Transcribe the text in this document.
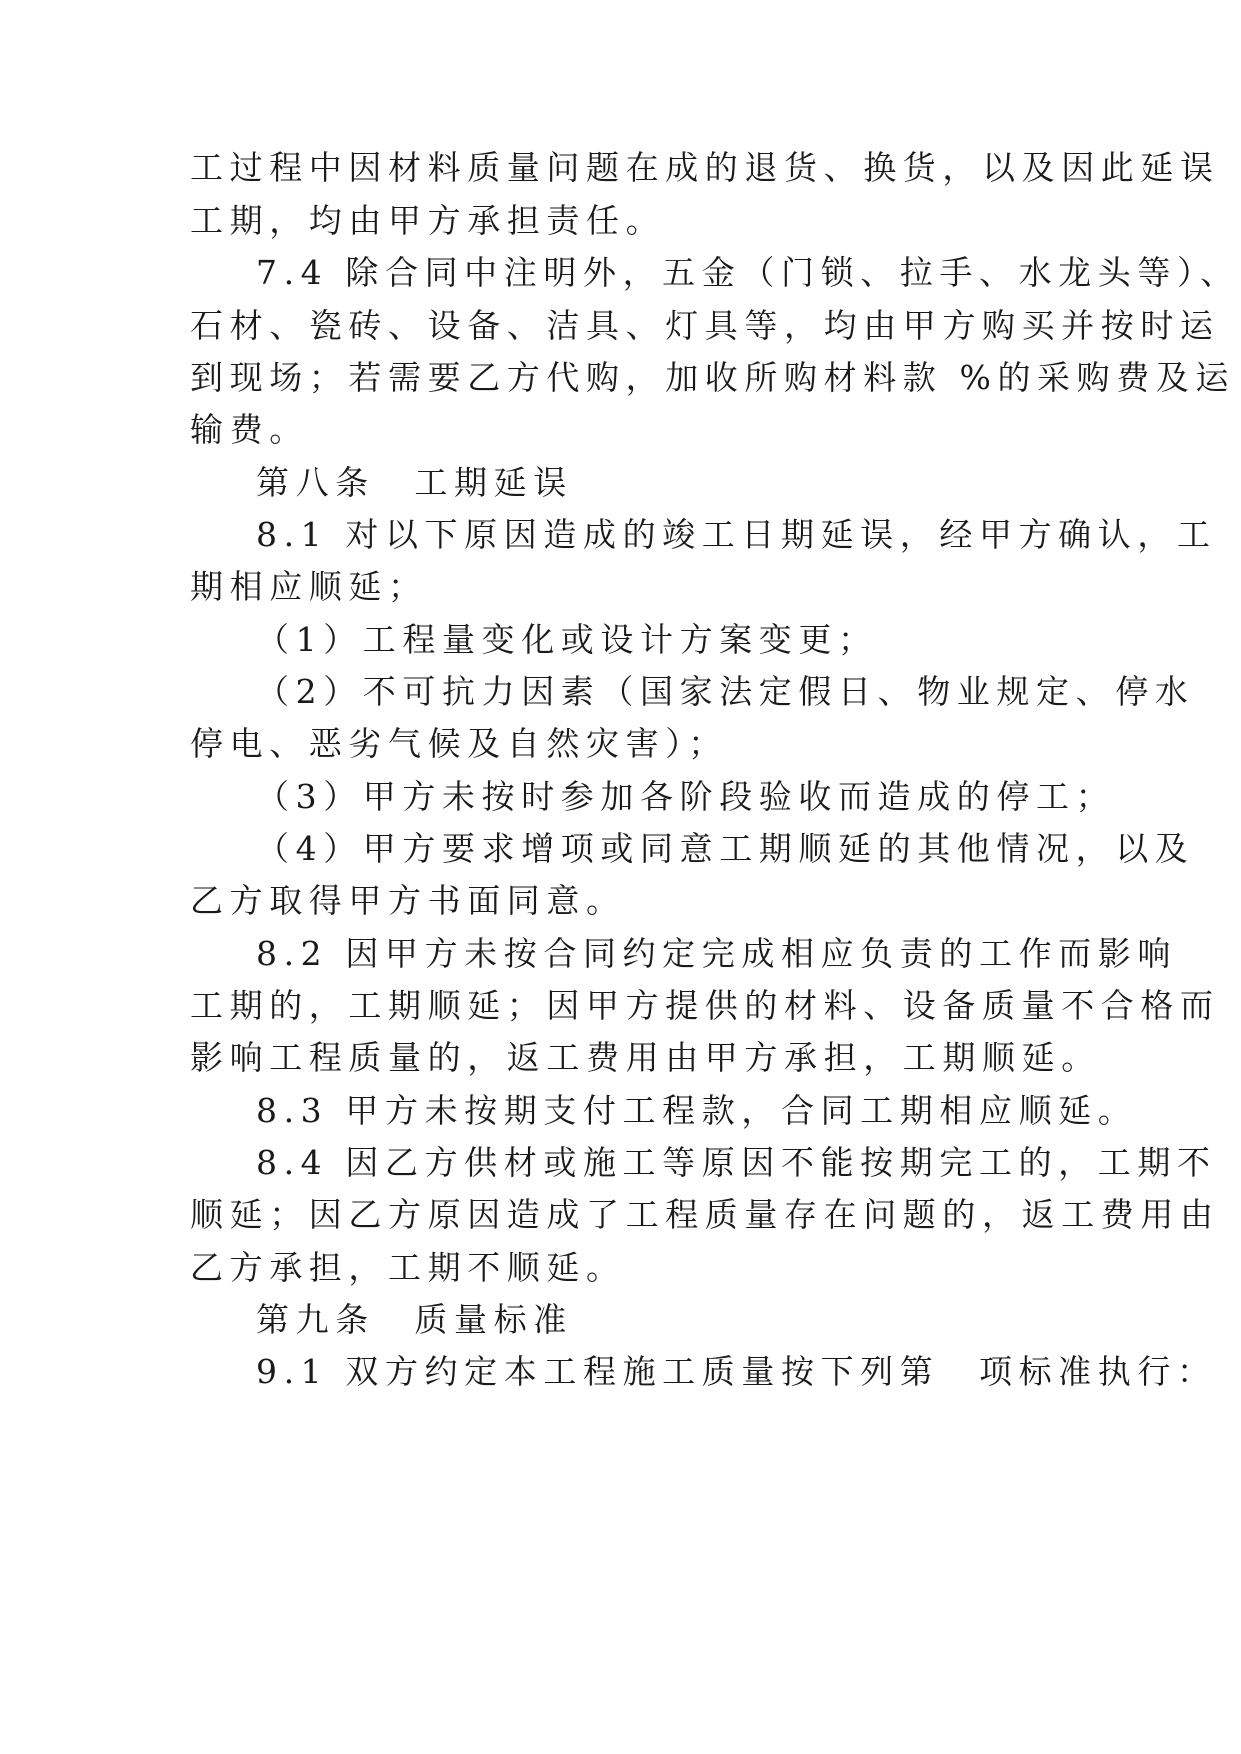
工过程中因材料质量问题在成的退货、换货，以及因此延误
工期，均由甲方承担责任。
7.4 除合同中注明外，五金（门锁、拉手、水龙头等）、
石材、瓷砖、设备、洁具、灯具等，均由甲方购买并按时运
到现场；若需要乙方代购，加收所购材料款 %的采购费及运
输费。
第八条　工期延误
8.1 对以下原因造成的竣工日期延误，经甲方确认，工
期相应顺延；
（1）工程量变化或设计方案变更；
（2）不可抗力因素（国家法定假日、物业规定、停水
停电、恶劣气候及自然灾害）；
（3）甲方未按时参加各阶段验收而造成的停工；
（4）甲方要求增项或同意工期顺延的其他情况，以及
乙方取得甲方书面同意。
8.2 因甲方未按合同约定完成相应负责的工作而影响
工期的，工期顺延；因甲方提供的材料、设备质量不合格而
影响工程质量的，返工费用由甲方承担，工期顺延。
8.3 甲方未按期支付工程款，合同工期相应顺延。
8.4 因乙方供材或施工等原因不能按期完工的，工期不
顺延；因乙方原因造成了工程质量存在问题的，返工费用由
乙方承担，工期不顺延。
第九条　质量标准
9.1 双方约定本工程施工质量按下列第　项标准执行：
